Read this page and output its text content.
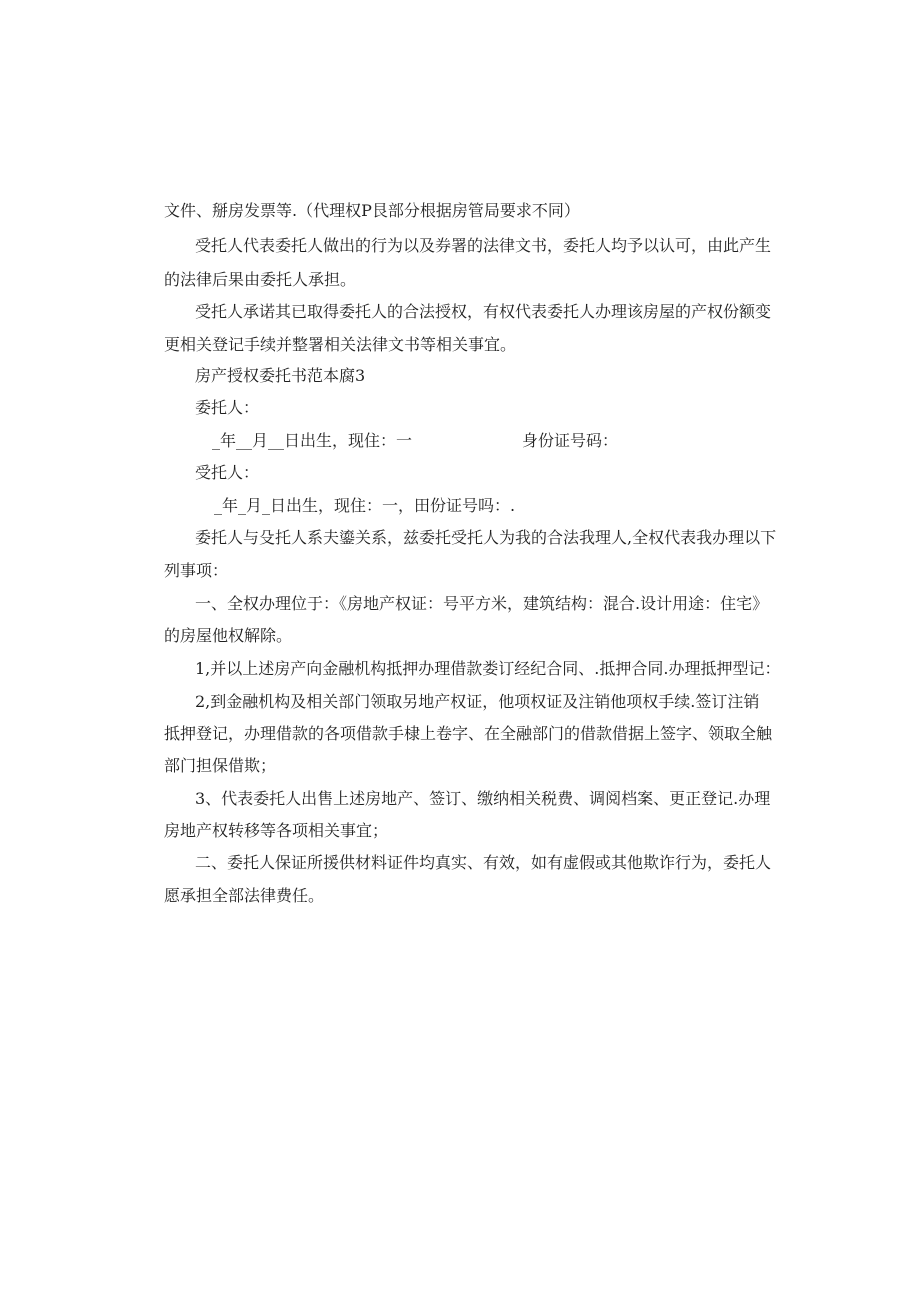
文件、掰房发票等.（代理权P艮部分根据房管局要求不同）
受托人代表委托人做出的行为以及券署的法律文书，委托人均予以认可，由此产生
的法律后果由委托人承担。
受托人承诺其已取得委托人的合法授权，有权代表委托人办理该房屋的产权份额变
更相关登记手续并整署相关法律文书等相关事宜。
房产授权委托书范本腐3
委托人：
_年__月__日出生，现住：一	身份证号码：
受托人：
_年_月_日出生，现住：一，田份证号吗：.
委托人与殳托人系夫鎏关系，兹委托受托人为我的合法我理人,全权代表我办理以下
列事项：
一、全权办理位于：《房地产权证：号平方米，建筑结构：混合.设计用途：住宅》
的房屋他权解除。
1,并以上述房产向金融机构抵押办理借款娄订经纪合同、.抵押合同.办理抵押型记：
2,到金融机构及相关部门领取另地产权证，他项权证及注销他项权手续.签订注销
抵押登记，办理借款的各项借款手棣上卷字、在全融部门的借款借据上签字、领取全触
部门担保借欺；
3、代表委托人出售上述房地产、签订、缴纳相关税费、调阅档案、更正登记.办理
房地产权转移等各项相关事宜；
二、委托人保证所援供材料证件均真实、有效，如有虚假或其他欺诈行为，委托人
愿承担全部法律费任。
